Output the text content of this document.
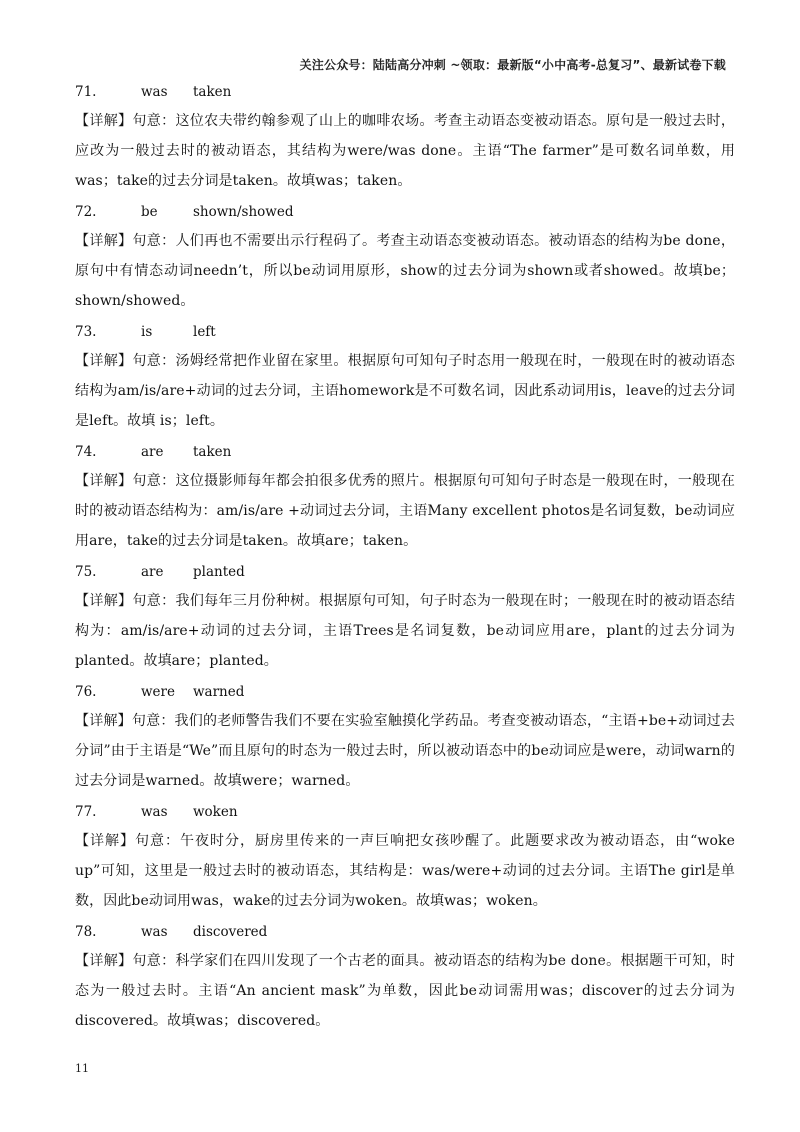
关注公众号：陆陆高分冲刺 ~领取：最新版“小中高考-总复习”、最新试卷下载
71.	was taken

【详解】句意：这位农夫带约翰参观了山上的咖啡农场。考查主动语态变被动语态。原句是一般过去时，应改为一般过去时的被动语态，其结构为were/was done。主语“The farmer”是可数名词单数，用was；take的过去分词是taken。故填was；taken。

72.	be	shown/showed

【详解】句意：人们再也不需要出示行程码了。考查主动语态变被动语态。被动语态的结构为be done，原句中有情态动词needn’t，所以be动词用原形，show的过去分词为shown或者showed。故填be；shown/showed。

73.	is	left

【详解】句意：汤姆经常把作业留在家里。根据原句可知句子时态用一般现在时，一般现在时的被动语态结构为am/is/are+动词的过去分词，主语homework是不可数名词，因此系动词用is，leave的过去分词是left。故填 is；left。

74.	are taken

【详解】句意：这位摄影师每年都会拍很多优秀的照片。根据原句可知句子时态是一般现在时，一般现在时的被动语态结构为：am/is/are +动词过去分词，主语Many excellent photos是名词复数，be动词应用are，take的过去分词是taken。故填are；taken。

75.	are planted

【详解】句意：我们每年三月份种树。根据原句可知，句子时态为一般现在时；一般现在时的被动语态结构为：am/is/are+动词的过去分词，主语Trees是名词复数，be动词应用are，plant的过去分词为planted。故填are；planted。

76.	were warned

【详解】句意：我们的老师警告我们不要在实验室触摸化学药品。考查变被动语态，“主语+be+动词过去分词”由于主语是“We”而且原句的时态为一般过去时，所以被动语态中的be动词应是were，动词warn的过去分词是warned。故填were；warned。

77.	was woken

【详解】句意：午夜时分，厨房里传来的一声巨响把女孩吵醒了。此题要求改为被动语态，由“woke up”可知，这里是一般过去时的被动语态，其结构是：was/were+动词的过去分词。主语The girl是单数，因此be动词用was，wake的过去分词为woken。故填was；woken。

78.	was discovered

【详解】句意：科学家们在四川发现了一个古老的面具。被动语态的结构为be done。根据题干可知，时态为一般过去时。主语“An ancient mask”为单数，因此be动词需用was；discover的过去分词为discovered。故填was；discovered。

11
